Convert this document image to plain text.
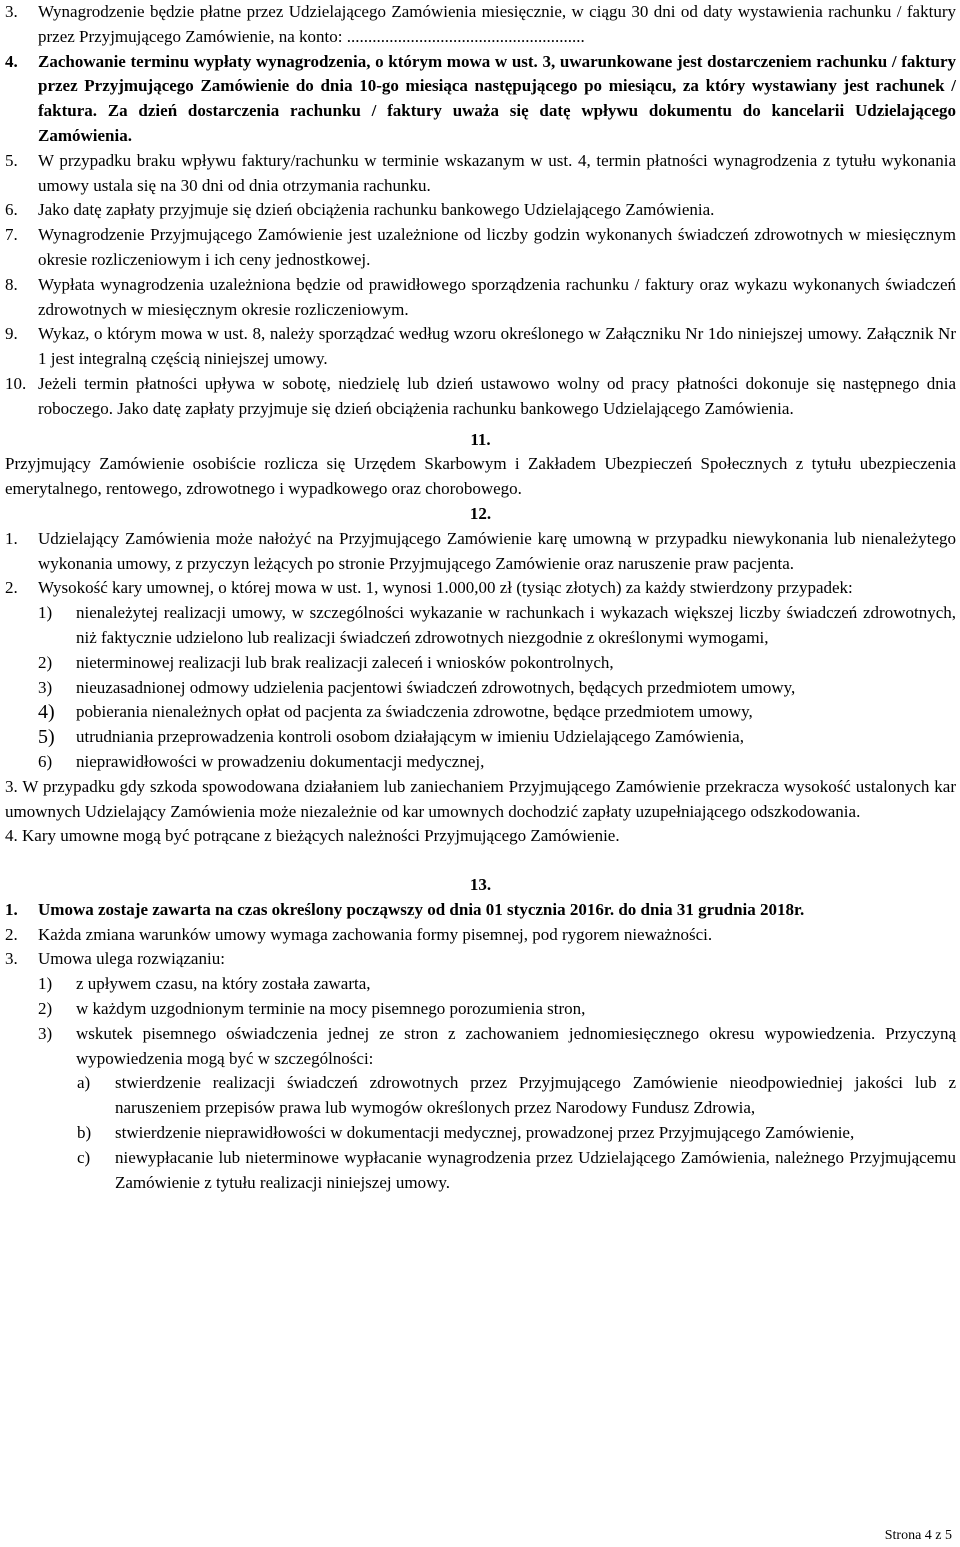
3. Wynagrodzenie będzie płatne przez Udzielającego Zamówienia miesięcznie, w ciągu 30 dni od daty wystawienia rachunku / faktury przez Przyjmującego Zamówienie, na konto: ........................................................
4. Zachowanie terminu wypłaty wynagrodzenia, o którym mowa w ust. 3, uwarunkowane jest dostarczeniem rachunku / faktury przez Przyjmującego Zamówienie do dnia 10-go miesiąca następującego po miesiącu, za który wystawiany jest rachunek / faktura. Za dzień dostarczenia rachunku / faktury uważa się datę wpływu dokumentu do kancelarii Udzielającego Zamówienia.
5. W przypadku braku wpływu faktury/rachunku w terminie wskazanym w ust. 4, termin płatności wynagrodzenia z tytułu wykonania umowy ustala się na 30 dni od dnia otrzymania rachunku.
6. Jako datę zapłaty przyjmuje się dzień obciążenia rachunku bankowego Udzielającego Zamówienia.
7. Wynagrodzenie Przyjmującego Zamówienie jest uzależnione od liczby godzin wykonanych świadczeń zdrowotnych w miesięcznym okresie rozliczeniowym i ich ceny jednostkowej.
8. Wypłata wynagrodzenia uzależniona będzie od prawidłowego sporządzenia rachunku / faktury oraz wykazu wykonanych świadczeń zdrowotnych w miesięcznym okresie rozliczeniowym.
9. Wykaz, o którym mowa w ust. 8, należy sporządzać według wzoru określonego w Załączniku Nr 1do niniejszej umowy. Załącznik Nr 1 jest integralną częścią niniejszej umowy.
10. Jeżeli termin płatności upływa w sobotę, niedzielę lub dzień ustawowo wolny od pracy płatności dokonuje się następnego dnia roboczego. Jako datę zapłaty przyjmuje się dzień obciążenia rachunku bankowego Udzielającego Zamówienia.
11.
Przyjmujący Zamówienie osobiście rozlicza się Urzędem Skarbowym i Zakładem Ubezpieczeń Społecznych z tytułu ubezpieczenia emerytalnego, rentowego, zdrowotnego i wypadkowego oraz chorobowego.
12.
1. Udzielający Zamówienia może nałożyć na Przyjmującego Zamówienie karę umowną w przypadku niewykonania lub nienależytego wykonania umowy, z przyczyn leżących po stronie Przyjmującego Zamówienie oraz naruszenie praw pacjenta.
2. Wysokość kary umownej, o której mowa w ust. 1, wynosi 1.000,00 zł (tysiąc złotych) za każdy stwierdzony przypadek:
1) nienależytej realizacji umowy, w szczególności wykazanie w rachunkach i wykazach większej liczby świadczeń zdrowotnych, niż faktycznie udzielono lub realizacji świadczeń zdrowotnych niezgodnie z określonymi wymogami,
2) nieterminowej realizacji lub brak realizacji zaleceń i wniosków pokontrolnych,
3) nieuzasadnionej odmowy udzielenia pacjentowi świadczeń zdrowotnych, będących przedmiotem umowy,
4) pobierania nienależnych opłat od pacjenta za świadczenia zdrowotne, będące przedmiotem umowy,
5) utrudniania przeprowadzenia kontroli osobom działającym w imieniu Udzielającego Zamówienia,
6) nieprawidłowości w prowadzeniu dokumentacji medycznej,
3. W przypadku gdy szkoda spowodowana działaniem lub zaniechaniem Przyjmującego Zamówienie przekracza wysokość ustalonych kar umownych Udzielający Zamówienia może niezależnie od kar umownych dochodzić zapłaty uzupełniającego odszkodowania.
4. Kary umowne mogą być potrącane z bieżących należności Przyjmującego Zamówienie.
13.
1. Umowa zostaje zawarta na czas określony począwszy od dnia 01 stycznia 2016r. do dnia 31 grudnia 2018r.
2. Każda zmiana warunków umowy wymaga zachowania formy pisemnej, pod rygorem nieważności.
3. Umowa ulega rozwiązaniu:
1) z upływem czasu, na który została zawarta,
2) w każdym uzgodnionym terminie na mocy pisemnego porozumienia stron,
3) wskutek pisemnego oświadczenia jednej ze stron z zachowaniem jednomiesięcznego okresu wypowiedzenia. Przyczyną wypowiedzenia mogą być w szczególności:
a) stwierdzenie realizacji świadczeń zdrowotnych przez Przyjmującego Zamówienie nieodpowiedniej jakości lub z naruszeniem przepisów prawa lub wymogów określonych przez Narodowy Fundusz Zdrowia,
b) stwierdzenie nieprawidłowości w dokumentacji medycznej, prowadzonej przez Przyjmującego Zamówienie,
c) niewypłacanie lub nieterminowe wypłacanie wynagrodzenia przez Udzielającego Zamówienia, należnego Przyjmującemu Zamówienie z tytułu realizacji niniejszej umowy.
Strona 4 z 5
